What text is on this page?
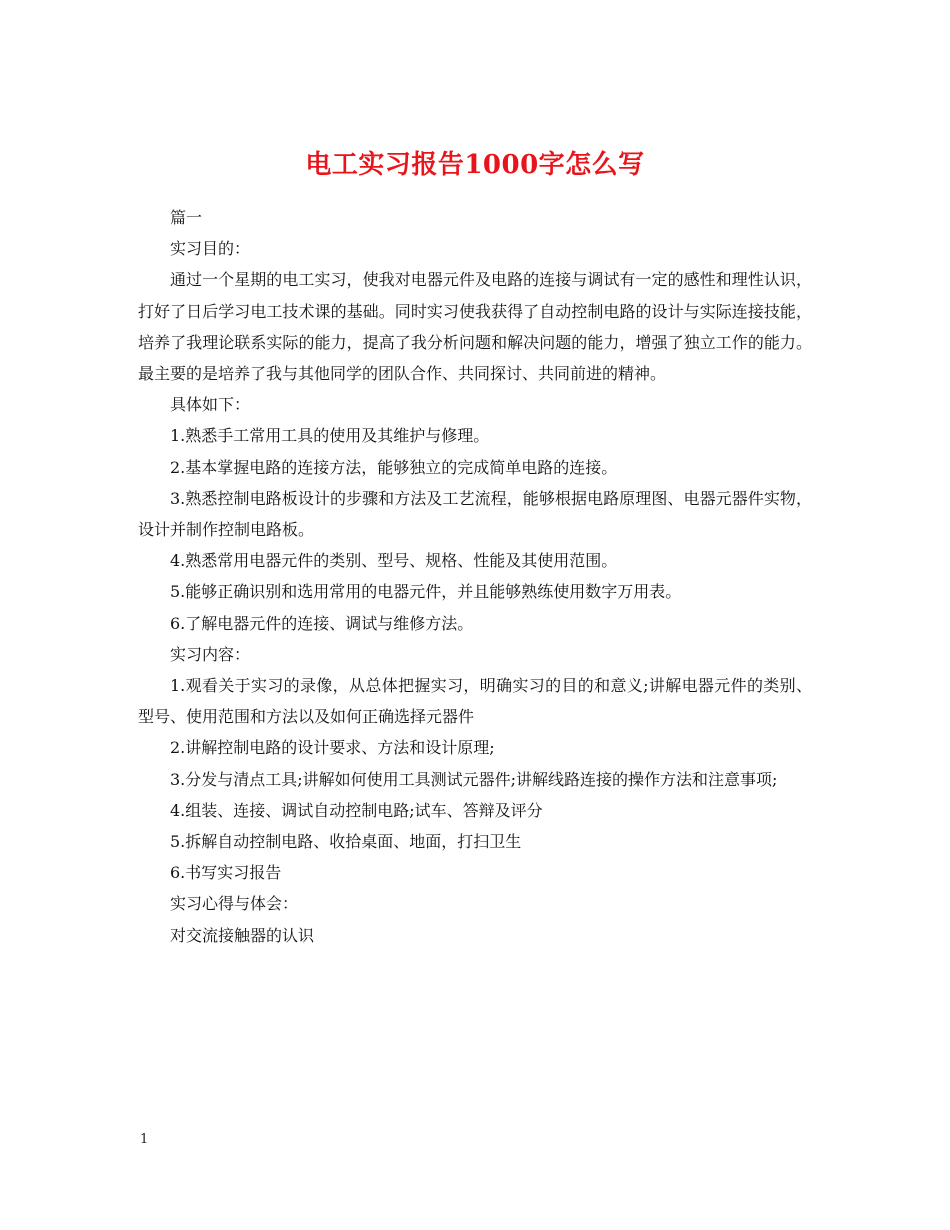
电工实习报告1000字怎么写

篇一

实习目的：

通过一个星期的电工实习，使我对电器元件及电路的连接与调试有一定的感性和理性认识，打好了日后学习电工技术课的基础。同时实习使我获得了自动控制电路的设计与实际连接技能，培养了我理论联系实际的能力，提高了我分析问题和解决问题的能力，增强了独立工作的能力。最主要的是培养了我与其他同学的团队合作、共同探讨、共同前进的精神。

具体如下：

1.熟悉手工常用工具的使用及其维护与修理。

2.基本掌握电路的连接方法，能够独立的完成简单电路的连接。

3.熟悉控制电路板设计的步骤和方法及工艺流程，能够根据电路原理图、电器元器件实物，设计并制作控制电路板。

4.熟悉常用电器元件的类别、型号、规格、性能及其使用范围。

5.能够正确识别和选用常用的电器元件，并且能够熟练使用数字万用表。

6.了解电器元件的连接、调试与维修方法。

实习内容：

1.观看关于实习的录像，从总体把握实习，明确实习的目的和意义;讲解电器元件的类别、型号、使用范围和方法以及如何正确选择元器件

2.讲解控制电路的设计要求、方法和设计原理;

3.分发与清点工具;讲解如何使用工具测试元器件;讲解线路连接的操作方法和注意事项;

4.组装、连接、调试自动控制电路;试车、答辩及评分

5.拆解自动控制电路、收拾桌面、地面，打扫卫生

6.书写实习报告

实习心得与体会：

对交流接触器的认识

1
